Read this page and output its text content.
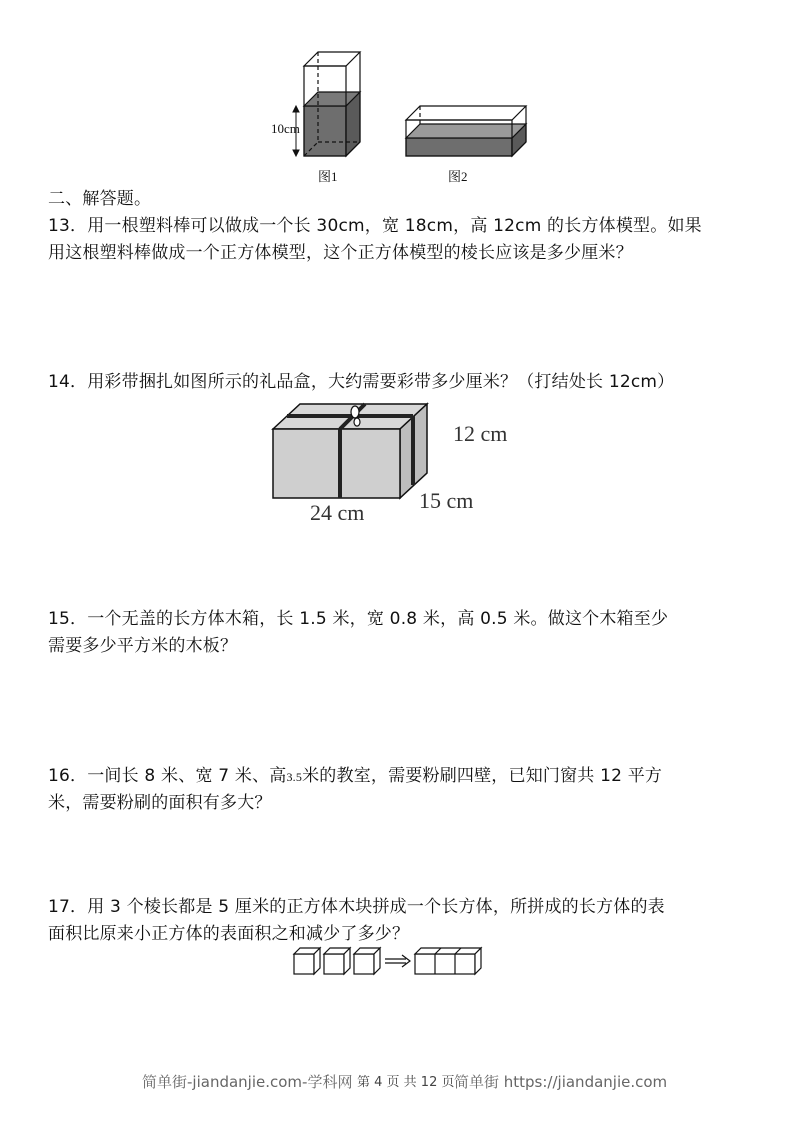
10cm
图1	图2
二、解答题。
13．用一根塑料棒可以做成一个长 30cm，宽 18cm，高 12cm 的长方体模型。如果
用这根塑料棒做成一个正方体模型，这个正方体模型的棱长应该是多少厘米？
14．用彩带捆扎如图所示的礼品盒，大约需要彩带多少厘米？（打结处长 12cm）
12 cm
15 cm
24 cm
15．一个无盖的长方体木箱，长 1.5 米，宽 0.8 米，高 0.5 米。做这个木箱至少
需要多少平方米的木板？
16．一间长 8 米、宽 7 米、高3.5米的教室，需要粉刷四壁，已知门窗共 12 平方
米，需要粉刷的面积有多大？
17．用 3 个棱长都是 5 厘米的正方体木块拼成一个长方体，所拼成的长方体的表
面积比原来小正方体的表面积之和减少了多少？
简单街-jiandanjie.com-学科网 第 4 页 共 12 页 简单街 https://jiandanjie.com
